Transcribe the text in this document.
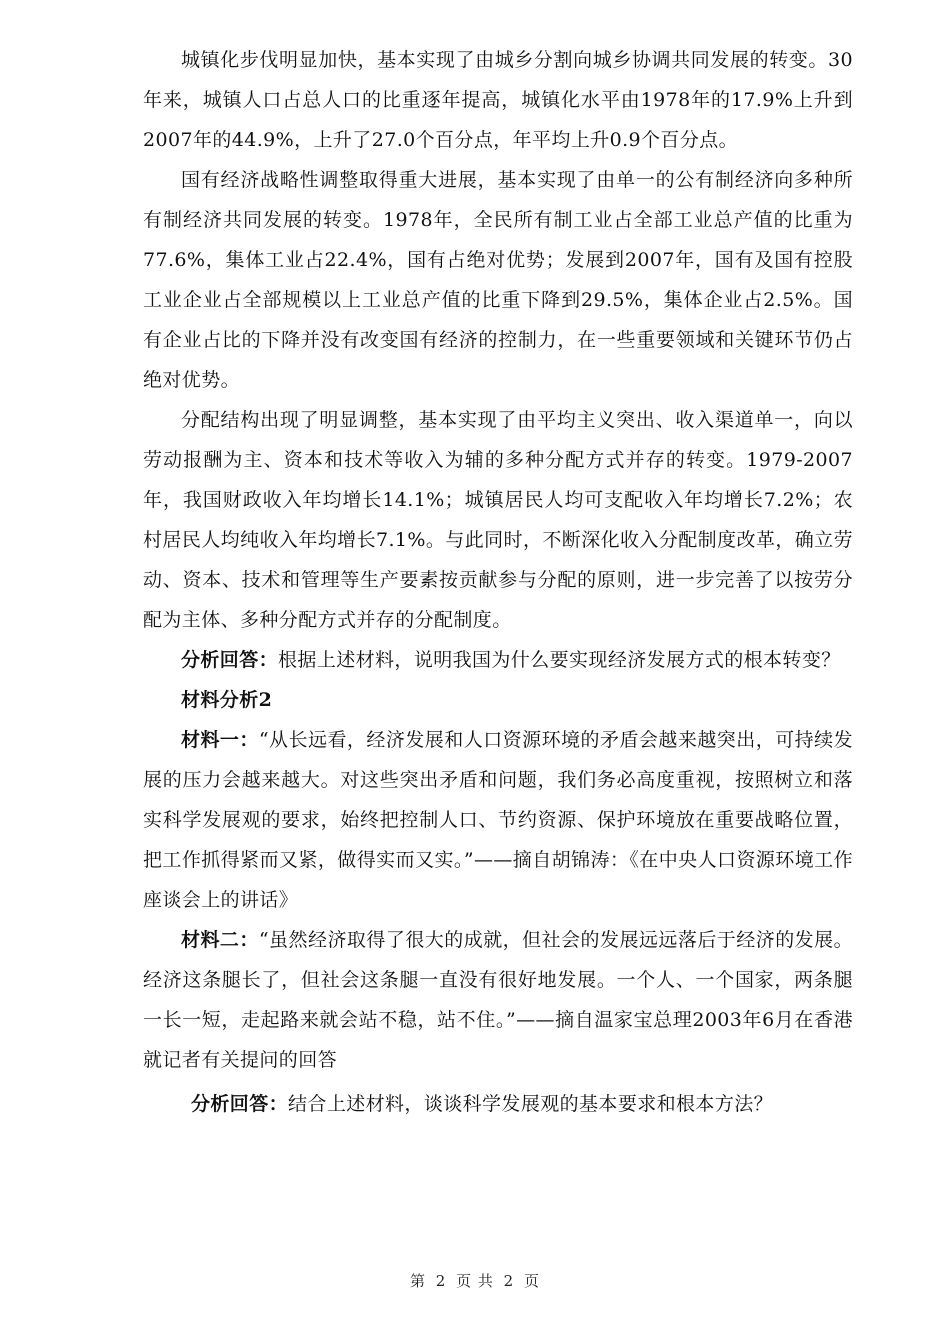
城镇化步伐明显加快，基本实现了由城乡分割向城乡协调共同发展的转变。30年来，城镇人口占总人口的比重逐年提高，城镇化水平由1978年的17.9%上升到2007年的44.9%，上升了27.0个百分点，年平均上升0.9个百分点。

国有经济战略性调整取得重大进展，基本实现了由单一的公有制经济向多种所有制经济共同发展的转变。1978年，全民所有制工业占全部工业总产值的比重为77.6%，集体工业占22.4%，国有占绝对优势；发展到2007年，国有及国有控股工业企业占全部规模以上工业总产值的比重下降到29.5%，集体企业占2.5%。国有企业占比的下降并没有改变国有经济的控制力，在一些重要领域和关键环节仍占绝对优势。

分配结构出现了明显调整，基本实现了由平均主义突出、收入渠道单一，向以劳动报酬为主、资本和技术等收入为辅的多种分配方式并存的转变。1979-2007年，我国财政收入年均增长14.1%；城镇居民人均可支配收入年均增长7.2%；农村居民人均纯收入年均增长7.1%。与此同时，不断深化收入分配制度改革，确立劳动、资本、技术和管理等生产要素按贡献参与分配的原则，进一步完善了以按劳分配为主体、多种分配方式并存的分配制度。

分析回答：根据上述材料，说明我国为什么要实现经济发展方式的根本转变？

材料分析2

材料一：“从长远看，经济发展和人口资源环境的矛盾会越来越突出，可持续发展的压力会越来越大。对这些突出矛盾和问题，我们务必高度重视，按照树立和落实科学发展观的要求，始终把控制人口、节约资源、保护环境放在重要战略位置，把工作抓得紧而又紧，做得实而又实。”——摘自胡锦涛：《在中央人口资源环境工作座谈会上的讲话》

材料二：“虽然经济取得了很大的成就，但社会的发展远远落后于经济的发展。经济这条腿长了，但社会这条腿一直没有很好地发展。一个人、一个国家，两条腿一长一短，走起路来就会站不稳，站不住。”——摘自温家宝总理2003年6月在香港就记者有关提问的回答

分析回答：结合上述材料，谈谈科学发展观的基本要求和根本方法？

第 2 页 共 2 页
